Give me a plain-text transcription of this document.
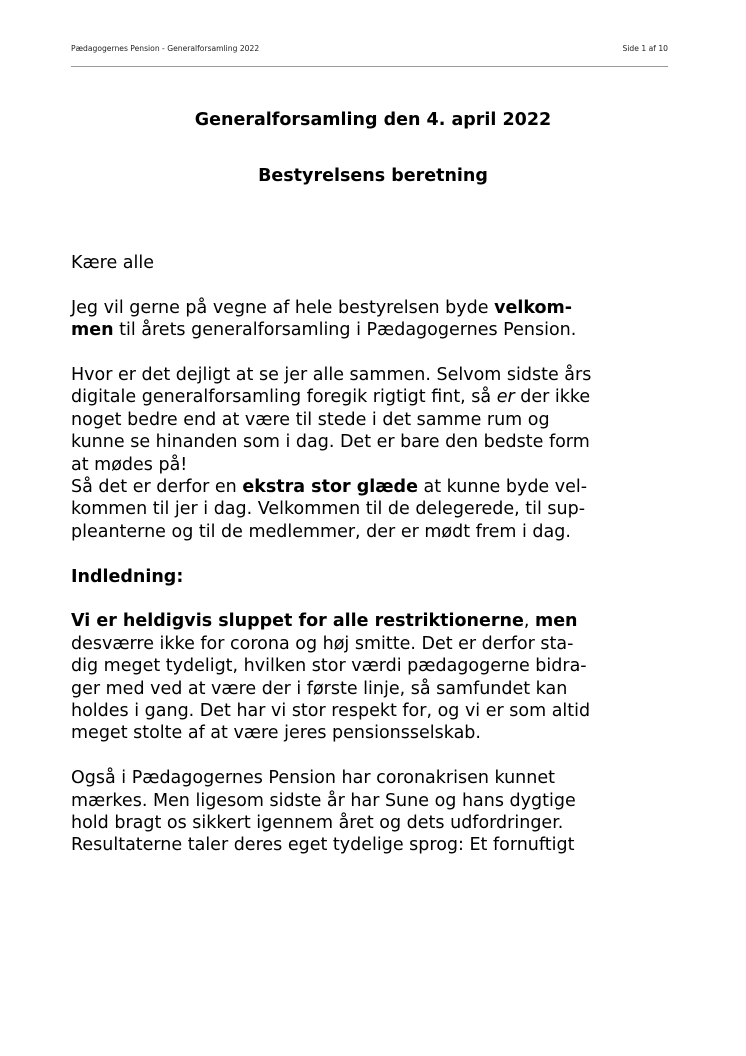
Pædagogernes Pension - Generalforsamling 2022	Side 1 af 10
Generalforsamling den 4. april 2022
Bestyrelsens beretning

Kære alle

Jeg vil gerne på vegne af hele bestyrelsen byde velkom-

men til årets generalforsamling i Pædagogernes Pension.

Hvor er det dejligt at se jer alle sammen. Selvom sidste års

digitale generalforsamling foregik rigtigt fint, så er der ikke

noget bedre end at være til stede i det samme rum og

kunne se hinanden som i dag. Det er bare den bedste form

at mødes på!

Så det er derfor en ekstra stor glæde at kunne byde vel-

kommen til jer i dag. Velkommen til de delegerede, til sup-

pleanterne og til de medlemmer, der er mødt frem i dag.

Indledning:

Vi er heldigvis sluppet for alle restriktionerne, men

desværre ikke for corona og høj smitte. Det er derfor sta-

dig meget tydeligt, hvilken stor værdi pædagogerne bidra-

ger med ved at være der i første linje, så samfundet kan

holdes i gang. Det har vi stor respekt for, og vi er som altid

meget stolte af at være jeres pensionsselskab.

Også i Pædagogernes Pension har coronakrisen kunnet

mærkes. Men ligesom sidste år har Sune og hans dygtige

hold bragt os sikkert igennem året og dets udfordringer.

Resultaterne taler deres eget tydelige sprog: Et fornuftigt
